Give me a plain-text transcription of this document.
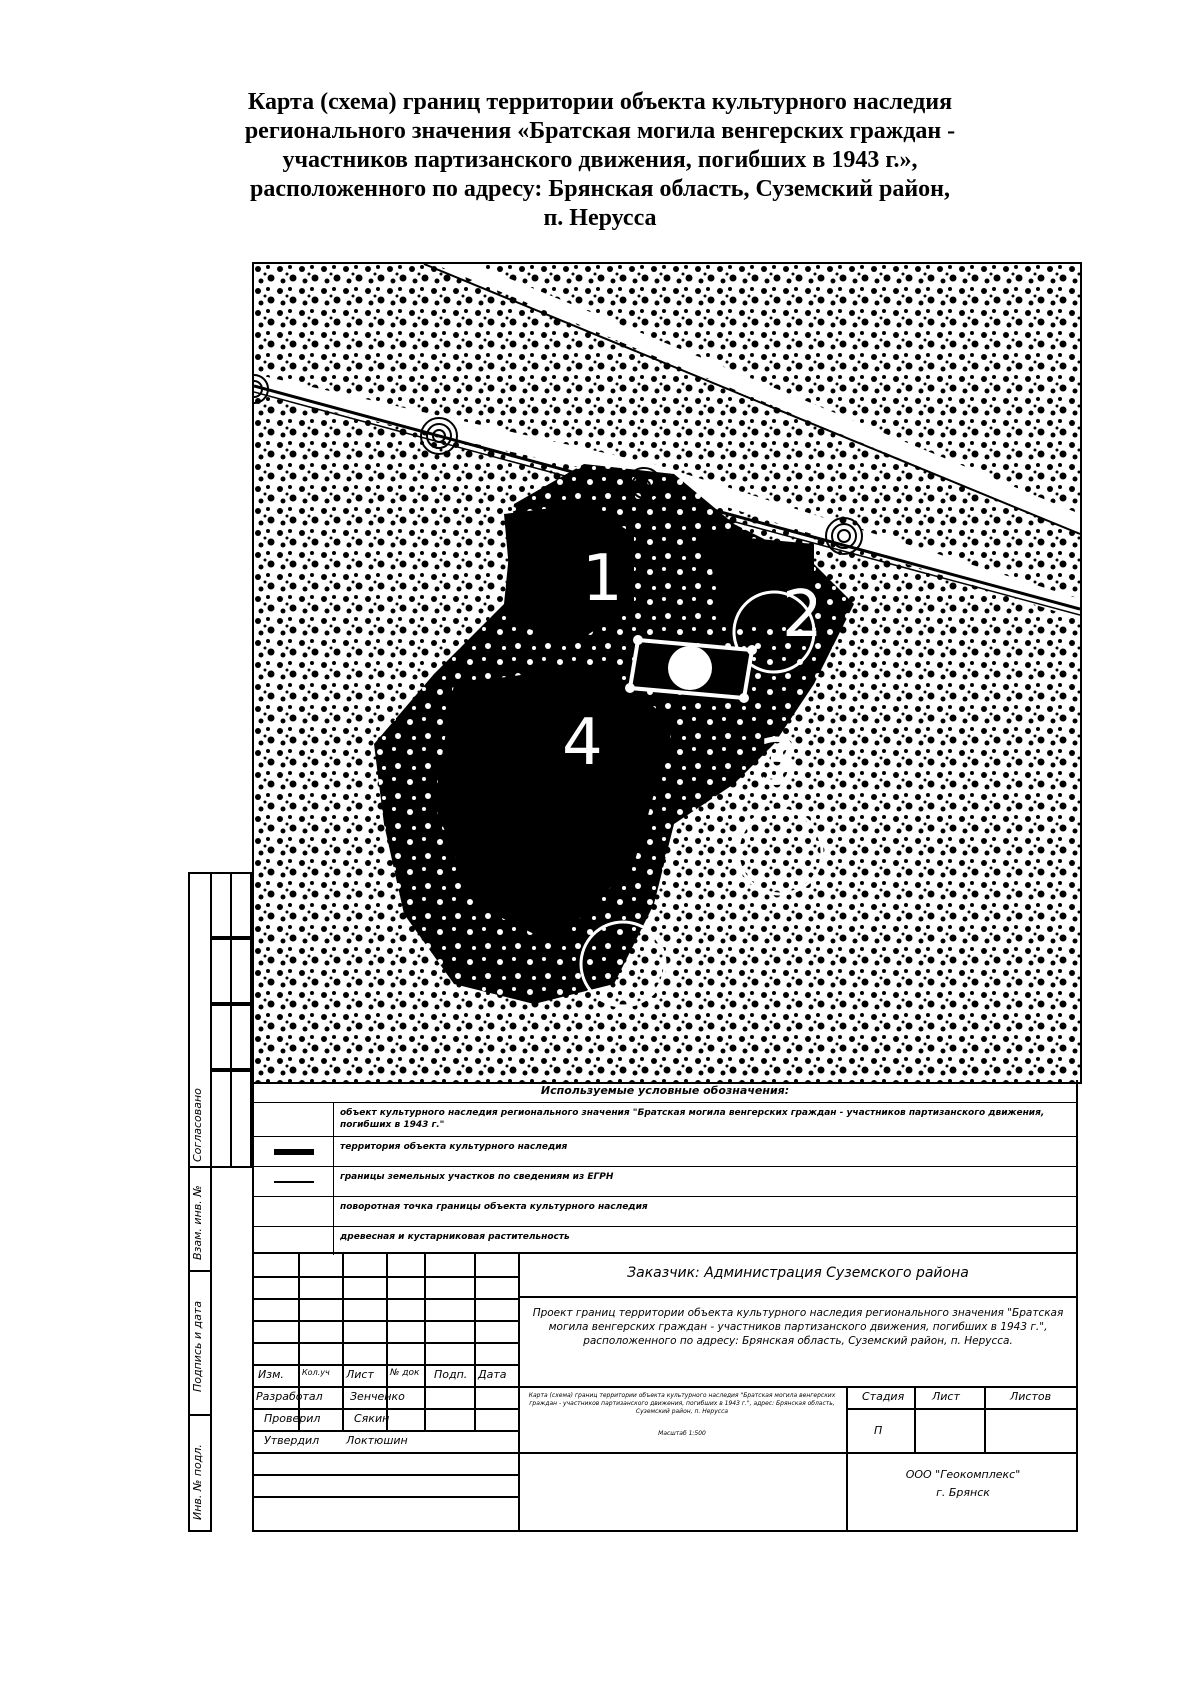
Карта (схема) границ территории объекта культурного наследия
регионального значения «Братская могила венгерских граждан -
участников партизанского движения, погибших в 1943 г.»,
расположенного по адресу: Брянская область, Суземский район,
п. Нерусса
1 2
3
4
Согласовано
Взам. инв. №
Подпись и дата
Инв. № подл.
Используемые условные обозначения:
объект культурного наследия регионального значения "Братская могила венгерских граждан - участников партизанского движения, погибших в 1943 г."
территория объекта культурного наследия
границы земельных участков по сведениям из ЕГРН
поворотная точка границы объекта культурного наследия
древесная и кустарниковая растительность
Изм. Кол.уч Лист № док Подп. Дата
Разработал Зенченко
Проверил	Сякин
Утвердил Локтюшин
Заказчик: Администрация Суземского района
Проект границ территории объекта культурного наследия регионального значения "Братская могила венгерских граждан - участников партизанского движения, погибших в 1943 г.", расположенного по адресу: Брянская область, Суземский район, п. Нерусса.
Карта (схема) границ территории объекта культурного наследия "Братская могила венгерских граждан - участников партизанского движения, погибших в 1943 г.", адрес: Брянская область, Суземский район, п. Нерусса
Масштаб 1:500
Стадия	Лист	Листов
П
ООО "Геокомплекс"
г. Брянск
